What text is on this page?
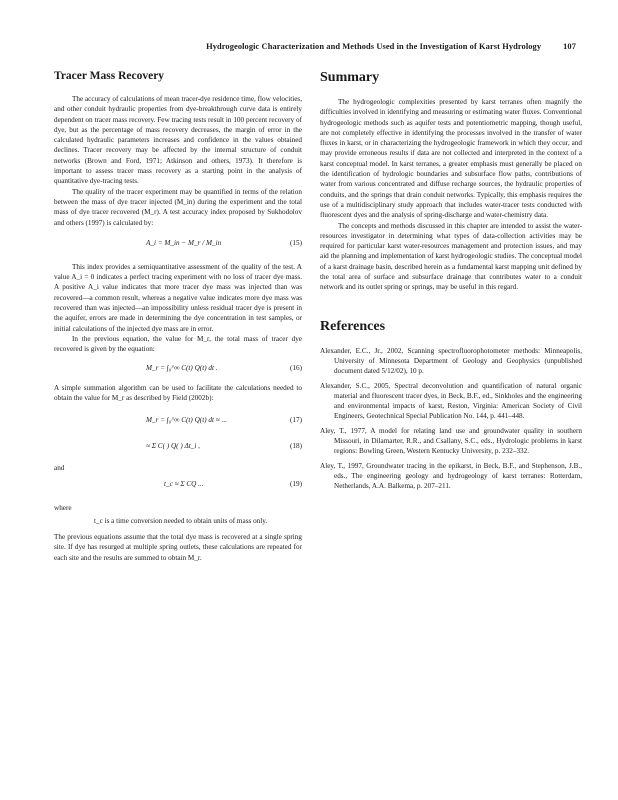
Hydrogeologic Characterization and Methods Used in the Investigation of Karst Hydrology	107
Tracer Mass Recovery

The accuracy of calculations of mean tracer-dye residence time, flow velocities, and other conduit hydraulic properties from dye-breakthrough curve data is entirely dependent on tracer mass recovery. Few tracing tests result in 100 percent recovery of dye, but as the percentage of mass recovery decreases, the margin of error in the calculated hydraulic parameters increases and confidence in the values obtained declines. Tracer recovery may be affected by the internal structure of conduit networks (Brown and Ford, 1971; Atkinson and others, 1973). It therefore is important to assess tracer mass recovery as a starting point in the analysis of quantitative dye-tracing tests.

The quality of the tracer experiment may be quantified in terms of the relation between the mass of dye tracer injected (M_in) during the experiment and the total mass of dye tracer recovered (M_r). A test accuracy index proposed by Sukhodolov and others (1997) is calculated by:

A_i = M_in − M_r / M_in	(15)

This index provides a semiquantitative assessment of the quality of the test. A value A_i = 0 indicates a perfect tracing experiment with no loss of tracer dye mass. A positive A_i value indicates that more tracer dye mass was injected than was recovered—a common result, whereas a negative value indicates more dye mass was recovered than was injected—an impossibility unless residual tracer dye is present in the aquifer, errors are made in determining the dye concentration in test samples, or initial calculations of the injected dye mass are in error.

In the previous equation, the value for M_r, the total mass of tracer dye recovered is given by the equation:

M_r = ∫₀^∞ C(t) Q(t) dt .	(16)

A simple summation algorithm can be used to facilitate the calculations needed to obtain the value for M_r as described by Field (2002b):

M_r = ∫₀^∞ C(t) Q(t) dt ≈ ...	(17)
≈ Σ C( ) Q( ) Δt_i ,	(18)

and

t_c ≈ Σ CQ ...	(19)

where

t_c is a time conversion needed to obtain units of mass only.

The previous equations assume that the total dye mass is recovered at a single spring site. If dye has resurged at multiple spring outlets, these calculations are repeated for each site and the results are summed to obtain M_r.

Summary

The hydrogeologic complexities presented by karst terranes often magnify the difficulties involved in identifying and measuring or estimating water fluxes. Conventional hydrogeologic methods such as aquifer tests and potentiometric mapping, though useful, are not completely effective in identifying the processes involved in the transfer of water fluxes in karst, or in characterizing the hydrogeologic framework in which they occur, and may provide erroneous results if data are not collected and interpreted in the context of a karst conceptual model. In karst terranes, a greater emphasis must generally be placed on the identification of hydrologic boundaries and subsurface flow paths, contributions of water from various concentrated and diffuse recharge sources, the hydraulic properties of conduits, and the springs that drain conduit networks. Typically, this emphasis requires the use of a multidisciplinary study approach that includes water-tracer tests conducted with fluorescent dyes and the analysis of spring-discharge and water-chemistry data.

The concepts and methods discussed in this chapter are intended to assist the water-resources investigator in determining what types of data-collection activities may be required for particular karst water-resources management and protection issues, and may aid the planning and implementation of karst hydrogeologic studies. The conceptual model of a karst drainage basin, described herein as a fundamental karst mapping unit defined by the total area of surface and subsurface drainage that contributes water to a conduit network and its outlet spring or springs, may be useful in this regard.

References

Alexander, E.C., Jr., 2002, Scanning spectrofluorophotometer methods: Minneapolis, University of Minnesota Department of Geology and Geophysics (unpublished document dated 5/12/02), 10 p.

Alexander, S.C., 2005, Spectral deconvolution and quantification of natural organic material and fluorescent tracer dyes, in Beck, B.F., ed., Sinkholes and the engineering and environmental impacts of karst, Reston, Virginia: American Society of Civil Engineers, Geotechnical Special Publication No. 144, p. 441–448.

Aley, T., 1977, A model for relating land use and groundwater quality in southern Missouri, in Dilamarter, R.R., and Csallany, S.C., eds., Hydrologic problems in karst regions: Bowling Green, Western Kentucky University, p. 232–332.

Aley, T., 1997, Groundwater tracing in the epikarst, in Beck, B.F., and Stephenson, J.B., eds., The engineering geology and hydrogeology of karst terranes: Rotterdam, Netherlands, A.A. Balkema, p. 207–211.
